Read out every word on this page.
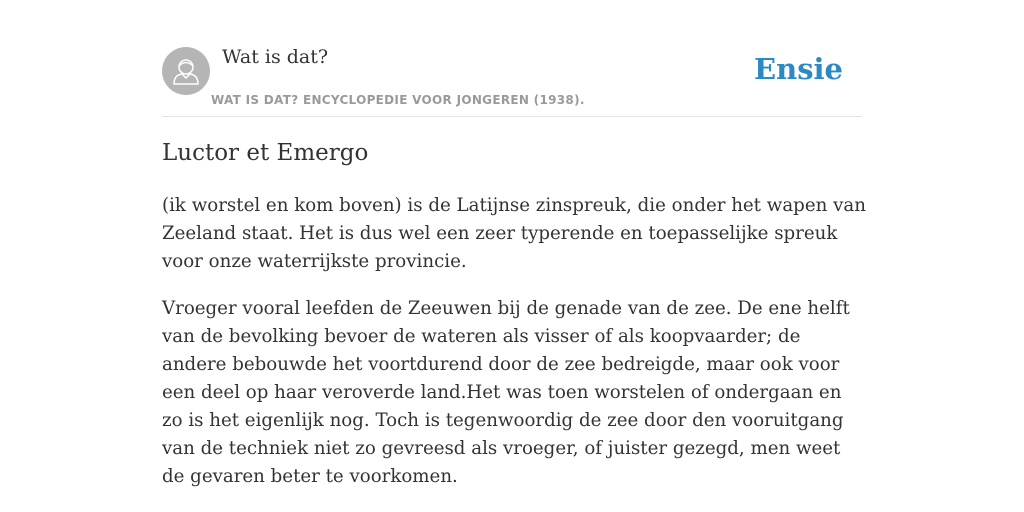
Wat is dat?
WAT IS DAT? ENCYCLOPEDIE VOOR JONGEREN (1938).
Ensie
Luctor et Emergo

(ik worstel en kom boven) is de Latijnse zinspreuk, die onder het wapen van Zeeland staat. Het is dus wel een zeer typerende en toepasselijke spreuk voor onze waterrijkste provincie.

Vroeger vooral leefden de Zeeuwen bij de genade van de zee. De ene helft van de bevolking bevoer de wateren als visser of als koopvaarder; de andere bebouwde het voortdurend door de zee bedreigde, maar ook voor een deel op haar veroverde land.Het was toen worstelen of ondergaan en zo is het eigenlijk nog. Toch is tegenwoordig de zee door den vooruitgang van de techniek niet zo gevreesd als vroeger, of juister gezegd, men weet de gevaren beter te voorkomen.
